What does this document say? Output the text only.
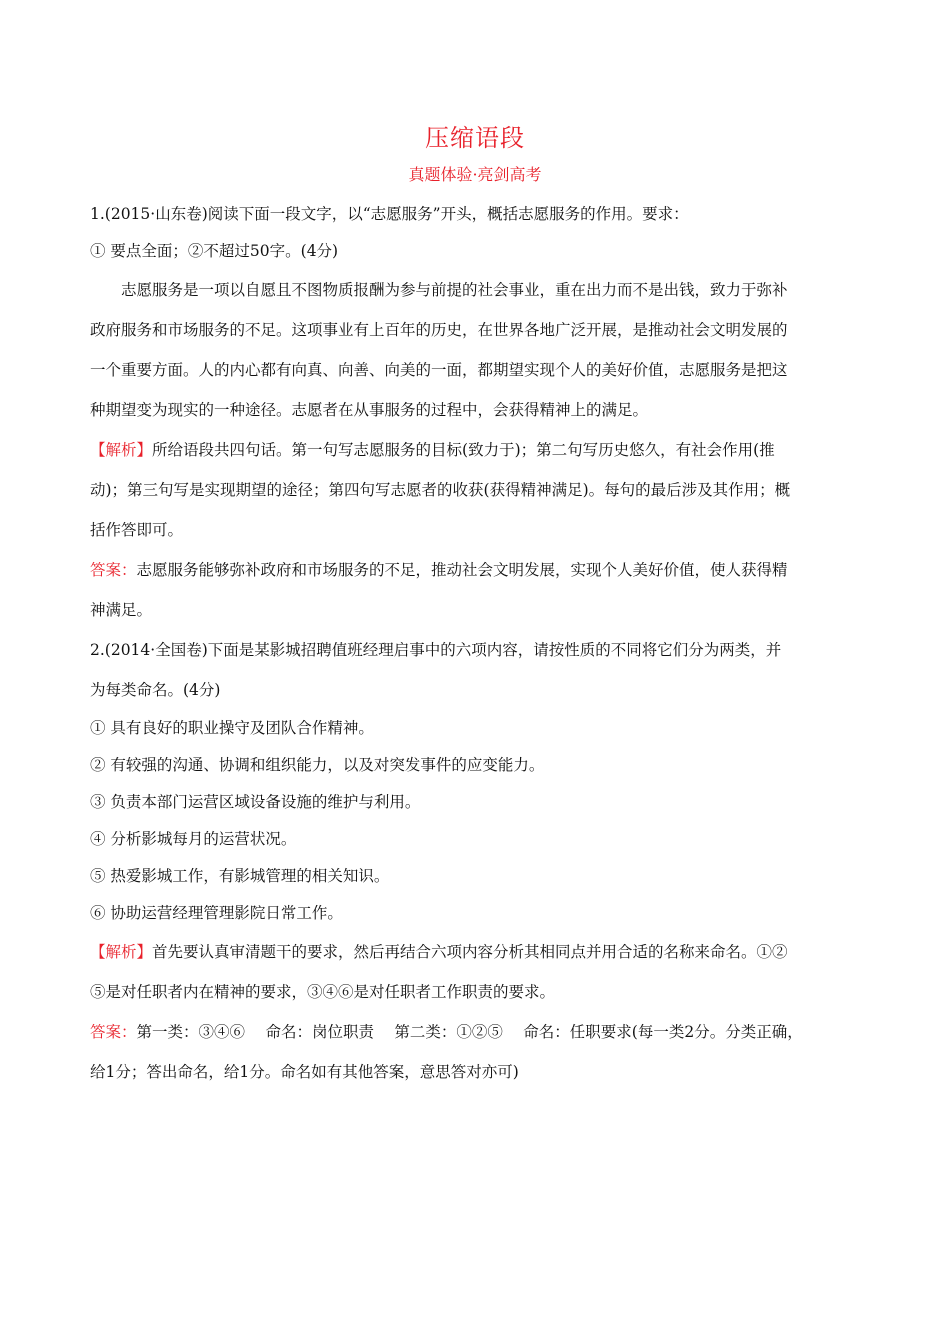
压缩语段
真题体验·亮剑高考
1.(2015·山东卷)阅读下面一段文字，以“志愿服务”开头，概括志愿服务的作用。要求：
① 要点全面；②不超过50字。(4分)
志愿服务是一项以自愿且不图物质报酬为参与前提的社会事业，重在出力而不是出钱，致力于弥补
政府服务和市场服务的不足。这项事业有上百年的历史，在世界各地广泛开展，是推动社会文明发展的
一个重要方面。人的内心都有向真、向善、向美的一面，都期望实现个人的美好价值，志愿服务是把这
种期望变为现实的一种途径。志愿者在从事服务的过程中，会获得精神上的满足。
【解析】所给语段共四句话。第一句写志愿服务的目标(致力于)；第二句写历史悠久，有社会作用(推
动)；第三句写是实现期望的途径；第四句写志愿者的收获(获得精神满足)。每句的最后涉及其作用；概
括作答即可。
答案：志愿服务能够弥补政府和市场服务的不足，推动社会文明发展，实现个人美好价值，使人获得精
神满足。
2.(2014·全国卷)下面是某影城招聘值班经理启事中的六项内容，请按性质的不同将它们分为两类，并
为每类命名。(4分)
① 具有良好的职业操守及团队合作精神。
② 有较强的沟通、协调和组织能力，以及对突发事件的应变能力。
③ 负责本部门运营区域设备设施的维护与利用。
④ 分析影城每月的运营状况。
⑤ 热爱影城工作，有影城管理的相关知识。
⑥ 协助运营经理管理影院日常工作。
【解析】首先要认真审清题干的要求，然后再结合六项内容分析其相同点并用合适的名称来命名。①②
⑤是对任职者内在精神的要求，③④⑥是对任职者工作职责的要求。
答案：第一类：③④⑥　 命名：岗位职责　 第二类：①②⑤　 命名：任职要求(每一类2分。分类正确，
给1分；答出命名，给1分。命名如有其他答案，意思答对亦可)
